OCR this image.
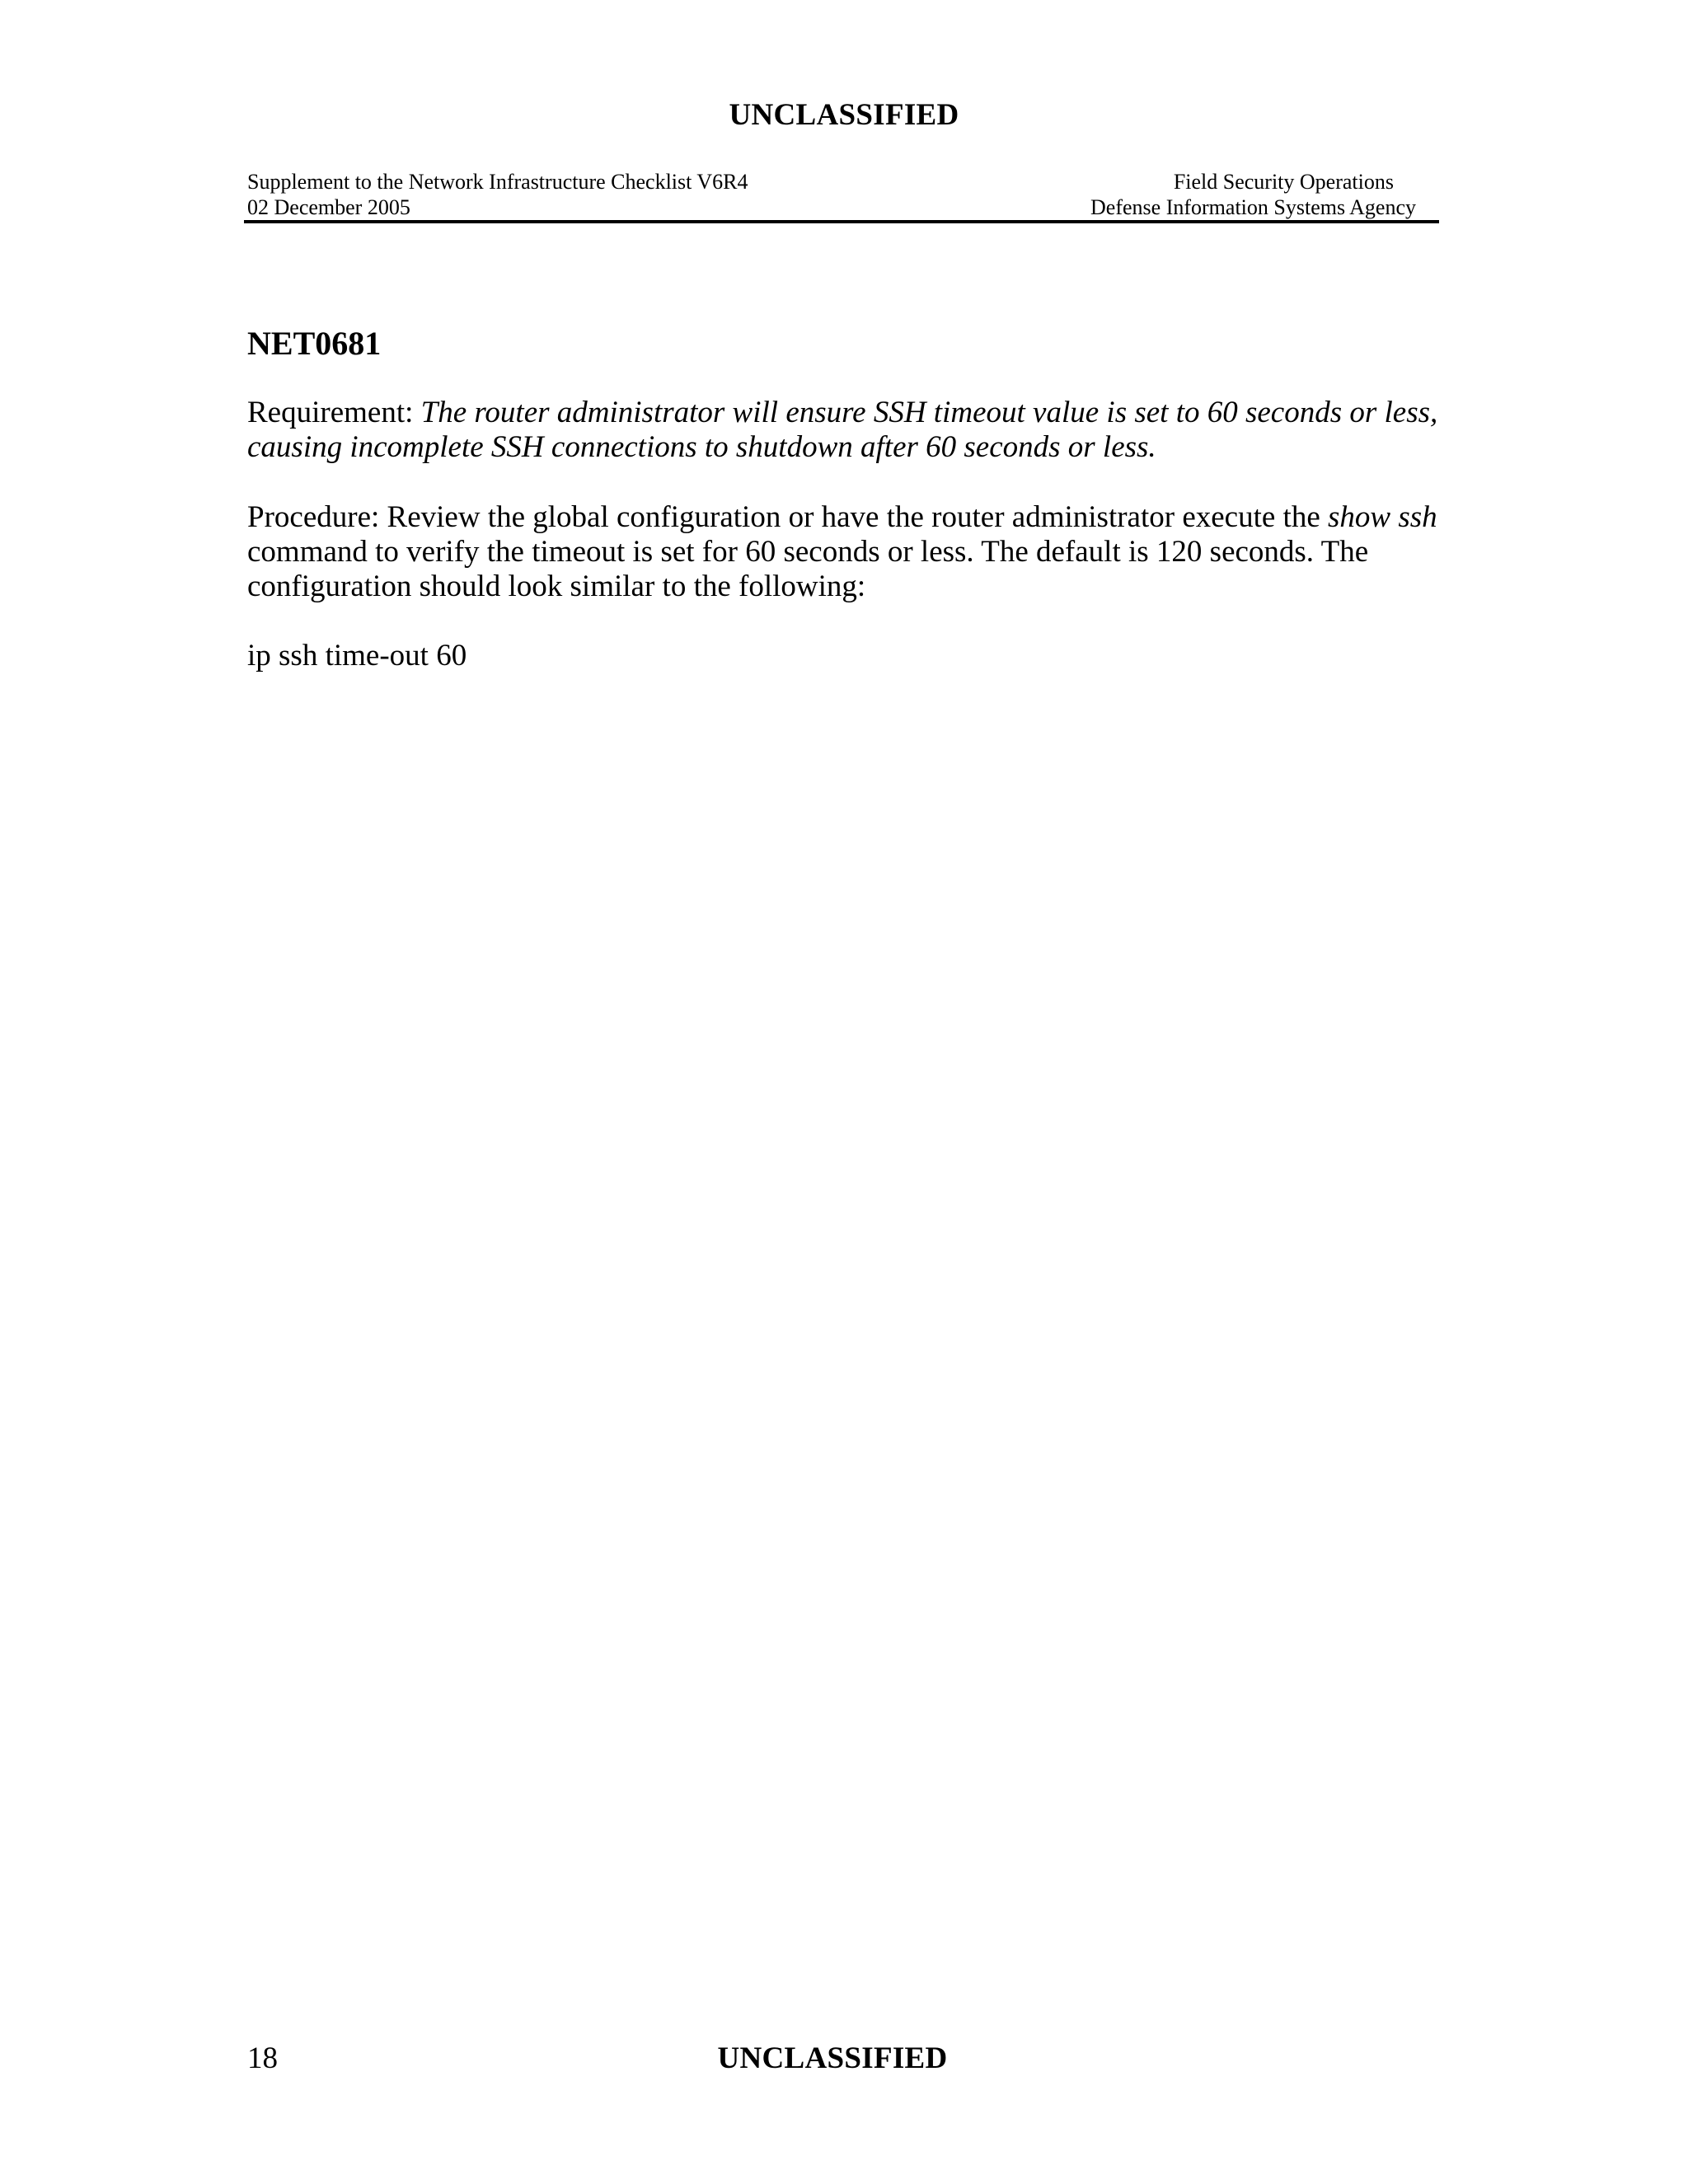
UNCLASSIFIED
Supplement to the Network Infrastructure Checklist V6R4
02 December 2005
Field Security Operations
Defense Information Systems Agency
NET0681
Requirement: The router administrator will ensure SSH timeout value is set to 60 seconds or less, causing incomplete SSH connections to shutdown after 60 seconds or less.
Procedure: Review the global configuration or have the router administrator execute the show ssh command to verify the timeout is set for 60 seconds or less. The default is 120 seconds. The configuration should look similar to the following:
ip ssh time-out 60
18	UNCLASSIFIED
